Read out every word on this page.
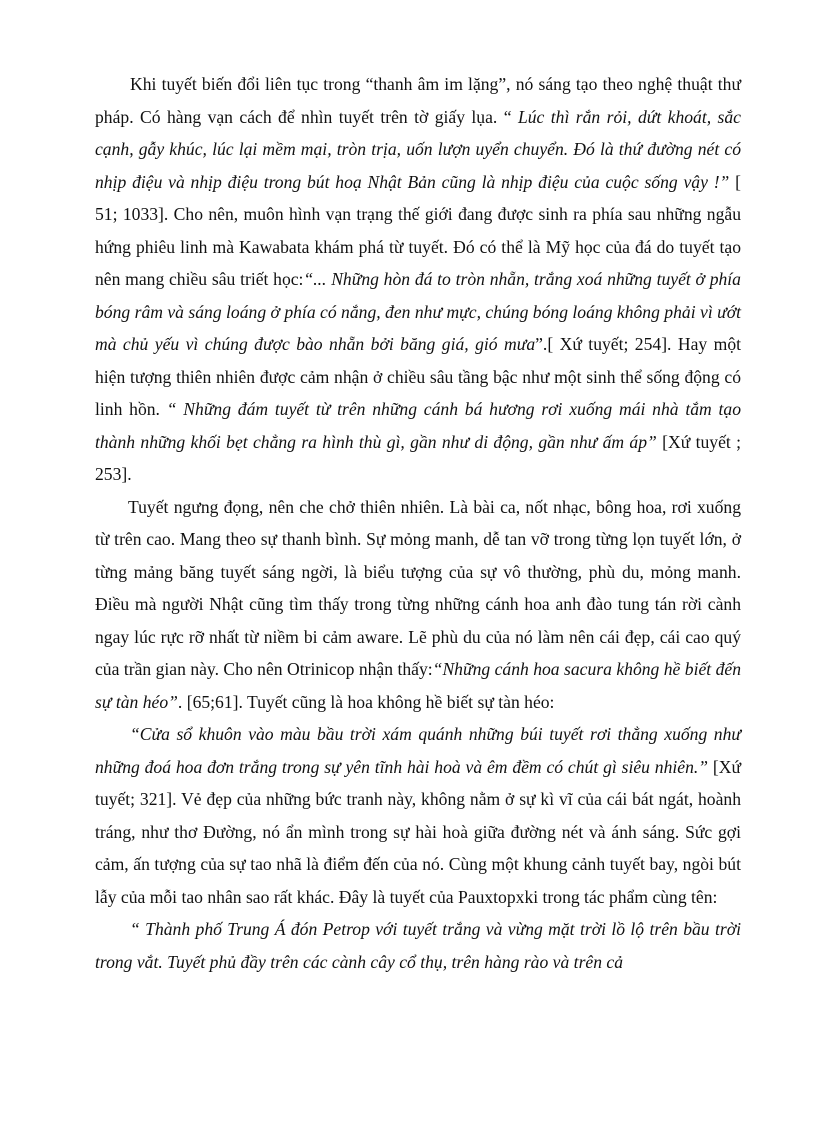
Khi tuyết biến đổi liên tục trong “thanh âm im lặng”, nó sáng tạo theo nghệ thuật thư pháp. Có hàng vạn cách để nhìn tuyết trên tờ giấy lụa. “ Lúc thì rắn rỏi, dứt khoát, sắc cạnh, gẫy khúc, lúc lại mềm mại, tròn trịa, uốn lượn uyển chuyển. Đó là thứ đường nét có nhịp điệu và nhịp điệu trong bút hoạ Nhật Bản cũng là nhịp điệu của cuộc sống vậy !” [ 51; 1033]. Cho nên, muôn hình vạn trạng thế giới đang được sinh ra phía sau những ngẫu hứng phiêu linh mà Kawabata khám phá từ tuyết. Đó có thể là Mỹ học của đá do tuyết tạo nên mang chiều sâu triết học:“... Những hòn đá to tròn nhẵn, trắng xoá những tuyết ở phía bóng râm và sáng loáng ở phía có nắng, đen như mực, chúng bóng loáng không phải vì ướt mà chủ yếu vì chúng được bào nhẵn bởi băng giá, gió mưa”.[ Xứ tuyết; 254]. Hay một hiện tượng thiên nhiên được cảm nhận ở chiều sâu tầng bậc như một sinh thể sống động có linh hồn. “ Những đám tuyết từ trên những cánh bá hương rơi xuống mái nhà tắm tạo thành những khối bẹt chẳng ra hình thù gì, gần như di động, gần như ấm áp” [Xứ tuyết ; 253].

Tuyết ngưng đọng, nên che chở thiên nhiên. Là bài ca, nốt nhạc, bông hoa, rơi xuống từ trên cao. Mang theo sự thanh bình. Sự mỏng manh, dễ tan vỡ trong từng lọn tuyết lớn, ở từng mảng băng tuyết sáng ngời, là biểu tượng của sự vô thường, phù du, mỏng manh. Điều mà người Nhật cũng tìm thấy trong từng những cánh hoa anh đào tung tán rời cành ngay lúc rực rỡ nhất từ niềm bi cảm aware. Lẽ phù du của nó làm nên cái đẹp, cái cao quý của trần gian này. Cho nên Otrinicop nhận thấy:“Những cánh hoa sacura không hề biết đến sự tàn héo”. [65;61]. Tuyết cũng là hoa không hề biết sự tàn héo:

“Cửa sổ khuôn vào màu bầu trời xám quánh những búi tuyết rơi thẳng xuống như những đoá hoa đơn trắng trong sự yên tĩnh hài hoà và êm đềm có chút gì siêu nhiên.” [Xứ tuyết; 321]. Vẻ đẹp của những bức tranh này, không nằm ở sự kì vĩ của cái bát ngát, hoành tráng, như thơ Đường, nó ẩn mình trong sự hài hoà giữa đường nét và ánh sáng. Sức gợi cảm, ấn tượng của sự tao nhã là điểm đến của nó. Cùng một khung cảnh tuyết bay, ngòi bút lẫy của mỗi tao nhân sao rất khác. Đây là tuyết của Pauxtopxki trong tác phẩm cùng tên:

“ Thành phố Trung Á đón Petrop với tuyết trắng và vừng mặt trời lồ lộ trên bầu trời trong vắt. Tuyết phủ đầy trên các cành cây cổ thụ, trên hàng rào và trên cả
